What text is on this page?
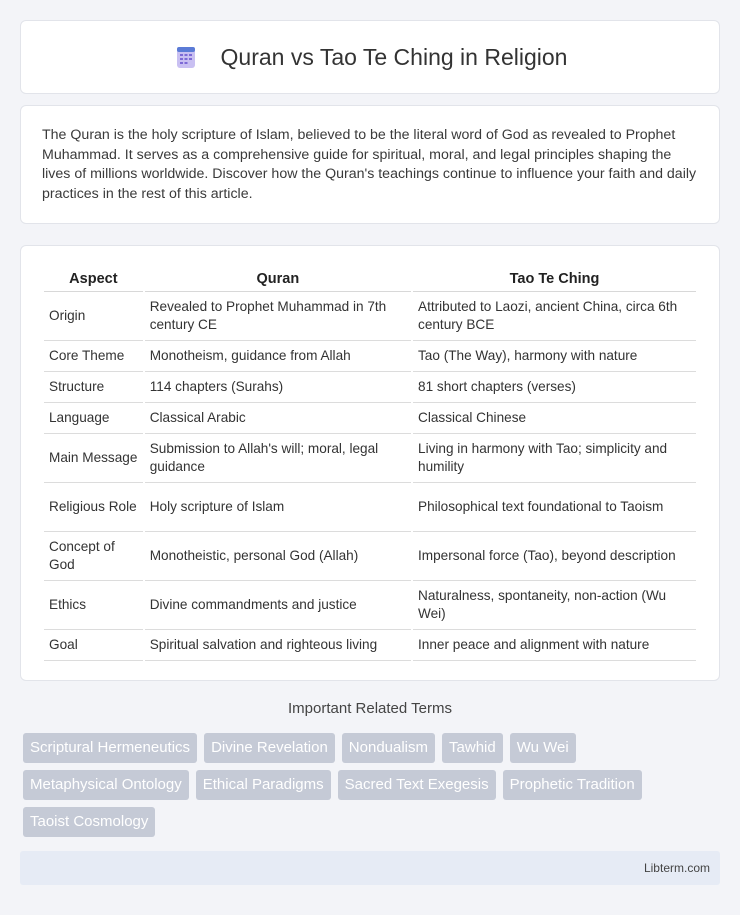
Quran vs Tao Te Ching in Religion

The Quran is the holy scripture of Islam, believed to be the literal word of God as revealed to Prophet Muhammad. It serves as a comprehensive guide for spiritual, moral, and legal principles shaping the lives of millions worldwide. Discover how the Quran's teachings continue to influence your faith and daily practices in the rest of this article.

Aspect	Quran	Tao Te Ching
Origin	Revealed to Prophet Muhammad in 7th century CE	Attributed to Laozi, ancient China, circa 6th century BCE
Core Theme	Monotheism, guidance from Allah	Tao (The Way), harmony with nature
Structure	114 chapters (Surahs)	81 short chapters (verses)
Language	Classical Arabic	Classical Chinese
Main Message	Submission to Allah's will; moral, legal guidance	Living in harmony with Tao; simplicity and humility
Religious Role	Holy scripture of Islam	Philosophical text foundational to Taoism
Concept of God	Monotheistic, personal God (Allah)	Impersonal force (Tao), beyond description
Ethics	Divine commandments and justice	Naturalness, spontaneity, non-action (Wu Wei)
Goal	Spiritual salvation and righteous living	Inner peace and alignment with nature
Important Related Terms
Scriptural Hermeneutics	Divine Revelation	Nondualism	Tawhid	Wu Wei
Metaphysical Ontology	Ethical Paradigms	Sacred Text Exegesis	Prophetic Tradition
Taoist Cosmology
Libterm.com
